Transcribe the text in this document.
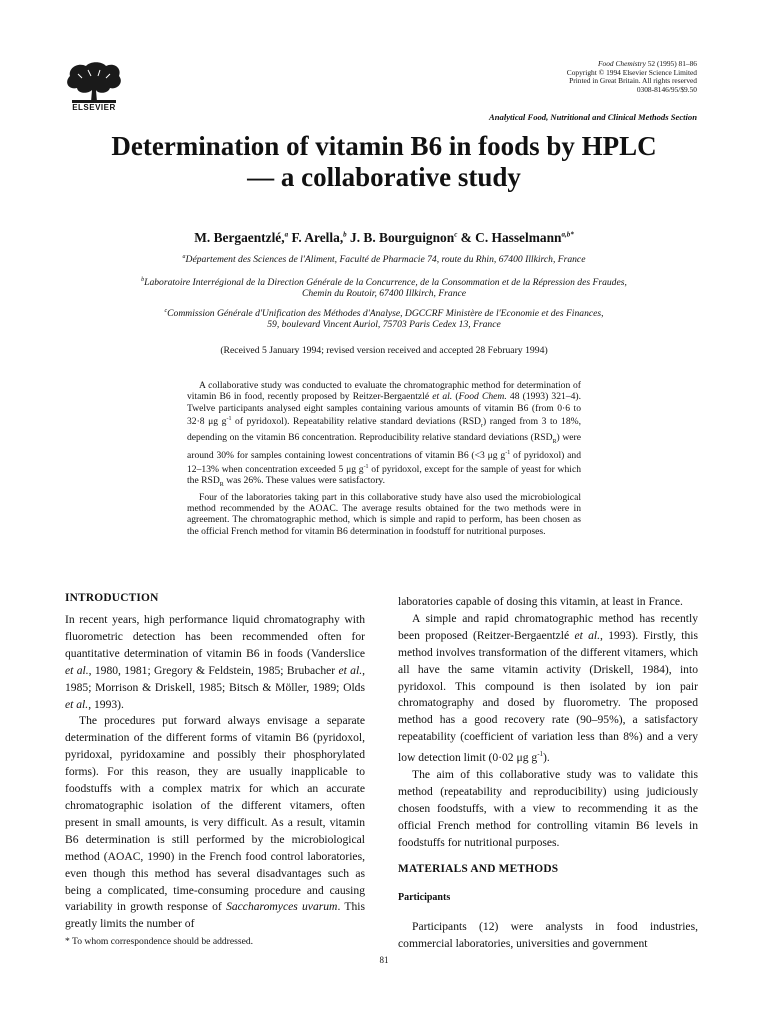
ELSEVIER
Food Chemistry 52 (1995) 81–86
Copyright © 1994 Elsevier Science Limited
Printed in Great Britain. All rights reserved
0308-8146/95/$9.50
Analytical Food, Nutritional and Clinical Methods Section
Determination of vitamin B6 in foods by HPLC
— a collaborative study
M. Bergaentzlé,$^a$ F. Arella,$^b$ J. B. Bourguignon$^c$ & C. Hasselmann$^{a,b*}$
$^a$Département des Sciences de l'Aliment, Faculté de Pharmacie 74, route du Rhin, 67400 Illkirch, France
$^b$Laboratoire Interrégional de la Direction Générale de la Concurrence, de la Consommation et de la Répression des Fraudes,
Chemin du Routoir, 67400 Illkirch, France
$^c$Commission Générale d'Unification des Méthodes d'Analyse, DGCCRF Ministère de l'Economie et des Finances,
59, boulevard Vincent Auriol, 75703 Paris Cedex 13, France
(Received 5 January 1994; revised version received and accepted 28 February 1994)

A collaborative study was conducted to evaluate the chromatographic method for determination of vitamin B6 in food, recently proposed by Reitzer-Bergaentzlé et al. (Food Chem. 48 (1993) 321–4). Twelve participants analysed eight samples containing various amounts of vitamin B6 (from 0·6 to 32·8 μg $g^{-1}$ of pyridoxol). Repeatability relative standard deviations $(RSD_r)$ ranged from 3 to 18%, depending on the vitamin B6 concentration. Reproducibility relative standard deviations $(RSD_R)$ were around 30% for samples containing lowest concentrations of vitamin B6 (<3 μg $g^{-1}$ of pyridoxol) and 12–13% when concentration exceeded 5 μg $g^{-1}$ of pyridoxol, except for the sample of yeast for which the $RSD_R$ was 26%. These values were satisfactory.

Four of the laboratories taking part in this collaborative study have also used the microbiological method recommended by the AOAC. The average results obtained for the two methods were in agreement. The chromatographic method, which is simple and rapid to perform, has been chosen as the official French method for vitamin B6 determination in foodstuff for nutritional purposes.

INTRODUCTION

In recent years, high performance liquid chromatography with fluorometric detection has been recommended often for quantitative determination of vitamin B6 in foods (Vanderslice et al., 1980, 1981; Gregory & Feldstein, 1985; Brubacher et al., 1985; Morrison & Driskell, 1985; Bitsch & Möller, 1989; Olds et al., 1993).

The procedures put forward always envisage a separate determination of the different forms of vitamin B6 (pyridoxol, pyridoxal, pyridoxamine and possibly their phosphorylated forms). For this reason, they are usually inapplicable to foodstuffs with a complex matrix for which an accurate chromatographic isolation of the different vitamers, often present in small amounts, is very difficult. As a result, vitamin B6 determination is still performed by the microbiological method (AOAC, 1990) in the French food control laboratories, even though this method has several disadvantages such as being a complicated, time-consuming procedure and causing variability in growth response of Saccharomyces uvarum. This greatly limits the number of

laboratories capable of dosing this vitamin, at least in France.

A simple and rapid chromatographic method has recently been proposed (Reitzer-Bergaentzlé et al., 1993). Firstly, this method involves transformation of the different vitamers, which all have the same vitamin activity (Driskell, 1984), into pyridoxol. This compound is then isolated by ion pair chromatography and dosed by fluorometry. The proposed method has a good recovery rate (90–95%), a satisfactory repeatability (coefficient of variation less than 8%) and a very low detection limit (0·02 μg $g^{-1}$).

The aim of this collaborative study was to validate this method (repeatability and reproducibility) using judiciously chosen foodstuffs, with a view to recommending it as the official French method for controlling vitamin B6 levels in foodstuffs for nutritional purposes.

MATERIALS AND METHODS
Participants

Participants (12) were analysts in food industries, commercial laboratories, universities and government

* To whom correspondence should be addressed.
81
